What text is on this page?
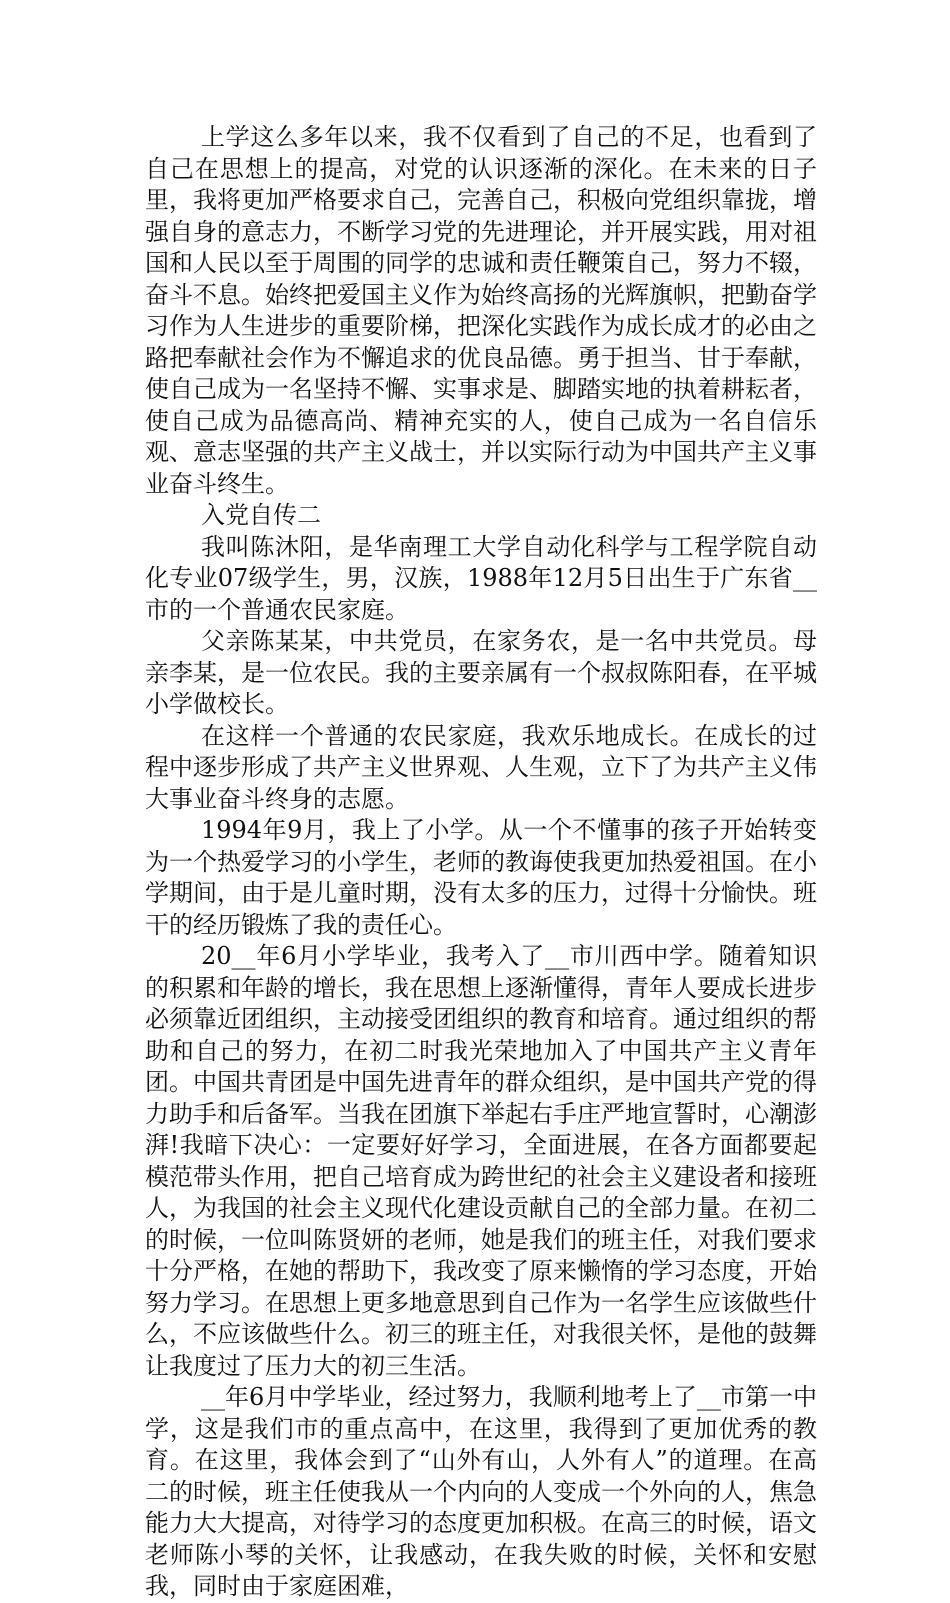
上学这么多年以来，我不仅看到了自己的不足，也看到了自己在思想上的提高，对党的认识逐渐的深化。在未来的日子里，我将更加严格要求自己，完善自己，积极向党组织靠拢，增强自身的意志力，不断学习党的先进理论，并开展实践，用对祖国和人民以至于周围的同学的忠诚和责任鞭策自己，努力不辍，奋斗不息。始终把爱国主义作为始终高扬的光辉旗帜，把勤奋学习作为人生进步的重要阶梯，把深化实践作为成长成才的必由之路把奉献社会作为不懈追求的优良品德。勇于担当、甘于奉献，使自己成为一名坚持不懈、实事求是、脚踏实地的执着耕耘者，使自己成为品德高尚、精神充实的人，使自己成为一名自信乐观、意志坚强的共产主义战士，并以实际行动为中国共产主义事业奋斗终生。

入党自传二

我叫陈沐阳，是华南理工大学自动化科学与工程学院自动化专业07级学生，男，汉族，1988年12月5日出生于广东省__市的一个普通农民家庭。

父亲陈某某，中共党员，在家务农，是一名中共党员。母亲李某，是一位农民。我的主要亲属有一个叔叔陈阳春，在平城小学做校长。

在这样一个普通的农民家庭，我欢乐地成长。在成长的过程中逐步形成了共产主义世界观、人生观，立下了为共产主义伟大事业奋斗终身的志愿。

1994年9月，我上了小学。从一个不懂事的孩子开始转变为一个热爱学习的小学生，老师的教诲使我更加热爱祖国。在小学期间，由于是儿童时期，没有太多的压力，过得十分愉快。班干的经历锻炼了我的责任心。

20__年6月小学毕业，我考入了__市川西中学。随着知识的积累和年龄的增长，我在思想上逐渐懂得，青年人要成长进步必须靠近团组织，主动接受团组织的教育和培育。通过组织的帮助和自己的努力，在初二时我光荣地加入了中国共产主义青年团。中国共青团是中国先进青年的群众组织，是中国共产党的得力助手和后备军。当我在团旗下举起右手庄严地宣誓时，心潮澎湃!我暗下决心：一定要好好学习，全面进展，在各方面都要起模范带头作用，把自己培育成为跨世纪的社会主义建设者和接班人，为我国的社会主义现代化建设贡献自己的全部力量。在初二的时候，一位叫陈贤妍的老师，她是我们的班主任，对我们要求十分严格，在她的帮助下，我改变了原来懒惰的学习态度，开始努力学习。在思想上更多地意思到自己作为一名学生应该做些什么，不应该做些什么。初三的班主任，对我很关怀，是他的鼓舞让我度过了压力大的初三生活。

__年6月中学毕业，经过努力，我顺利地考上了__市第一中学，这是我们市的重点高中，在这里，我得到了更加优秀的教育。在这里，我体会到了“山外有山，人外有人”的道理。在高二的时候，班主任使我从一个内向的人变成一个外向的人，焦急能力大大提高，对待学习的态度更加积极。在高三的时候，语文老师陈小琴的关怀，让我感动，在我失败的时候，关怀和安慰我，同时由于家庭困难，
